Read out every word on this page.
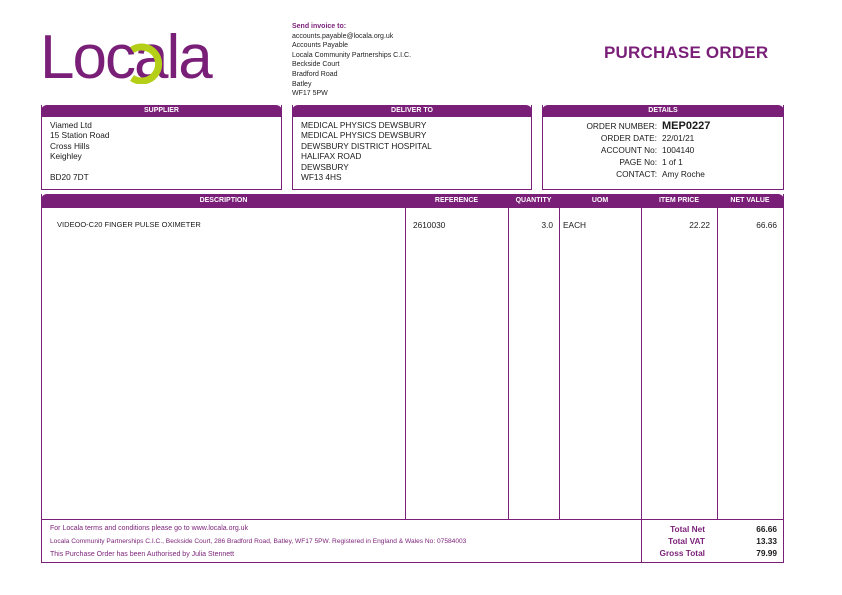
Locala	Send invoice to:
accounts.payable@locala.org.uk
Accounts Payable
Locala Community Partnerships C.I.C.
Beckside Court
Bradford Road
Batley
WF17 5PW
PURCHASE ORDER
SUPPLIER
Viamed Ltd
15 Station Road
Cross Hills
Keighley
BD20 7DT
DELIVER TO
MEDICAL PHYSICS DEWSBURY
MEDICAL PHYSICS DEWSBURY
DEWSBURY DISTRICT HOSPITAL
HALIFAX ROAD
DEWSBURY
WF13 4HS
DETAILS
ORDER NUMBER: MEP0227
ORDER DATE: 22/01/21
ACCOUNT No: 1004140
PAGE No: 1 of 1
CONTACT: Amy Roche
DESCRIPTION	REFERENCE	QUANTITY	UOM	ITEM PRICE	NET VALUE
VIDEOO-C20 FINGER PULSE OXIMETER	2610030	3.0 EACH	22.22	66.66
For Locala terms and conditions please go to www.locala.org.uk
Locala Community Partnerships C.I.C., Beckside Court, 286 Bradford Road, Batley, WF17 5PW. Registered in England & Wales No: 07584003
This Purchase Order has been Authorised by Julia Stennett
Total Net	66.66
Total VAT	13.33
Gross Total	79.99
